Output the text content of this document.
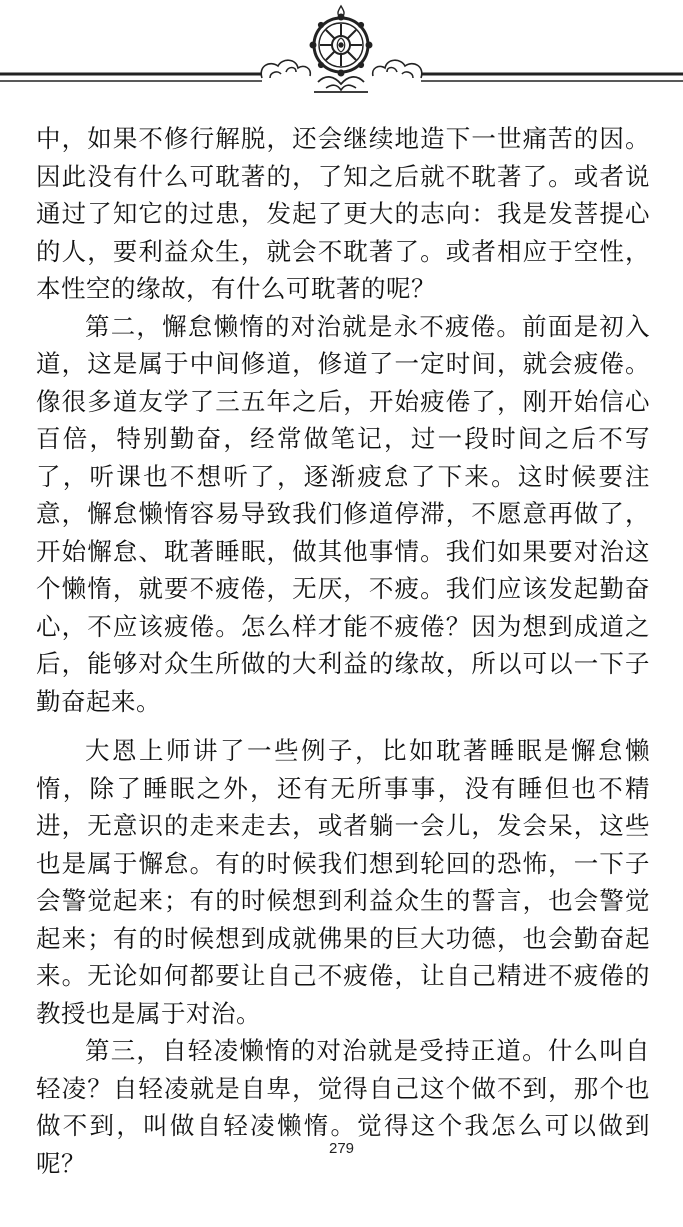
中，如果不修行解脱，还会继续地造下一世痛苦的因。因此没有什么可耽著的，了知之后就不耽著了。或者说通过了知它的过患，发起了更大的志向：我是发菩提心的人，要利益众生，就会不耽著了。或者相应于空性，本性空的缘故，有什么可耽著的呢？

第二，懈怠懒惰的对治就是永不疲倦。前面是初入道，这是属于中间修道，修道了一定时间，就会疲倦。像很多道友学了三五年之后，开始疲倦了，刚开始信心百倍，特别勤奋，经常做笔记，过一段时间之后不写了，听课也不想听了，逐渐疲怠了下来。这时候要注意，懈怠懒惰容易导致我们修道停滞，不愿意再做了，开始懈怠、耽著睡眠，做其他事情。我们如果要对治这个懒惰，就要不疲倦，无厌，不疲。我们应该发起勤奋心，不应该疲倦。怎么样才能不疲倦？因为想到成道之后，能够对众生所做的大利益的缘故，所以可以一下子勤奋起来。

大恩上师讲了一些例子，比如耽著睡眠是懈怠懒惰，除了睡眠之外，还有无所事事，没有睡但也不精进，无意识的走来走去，或者躺一会儿，发会呆，这些也是属于懈怠。有的时候我们想到轮回的恐怖，一下子会警觉起来；有的时候想到利益众生的誓言，也会警觉起来；有的时候想到成就佛果的巨大功德，也会勤奋起来。无论如何都要让自己不疲倦，让自己精进不疲倦的教授也是属于对治。

第三，自轻凌懒惰的对治就是受持正道。什么叫自轻凌？自轻凌就是自卑，觉得自己这个做不到，那个也做不到，叫做自轻凌懒惰。觉得这个我怎么可以做到呢？	279
